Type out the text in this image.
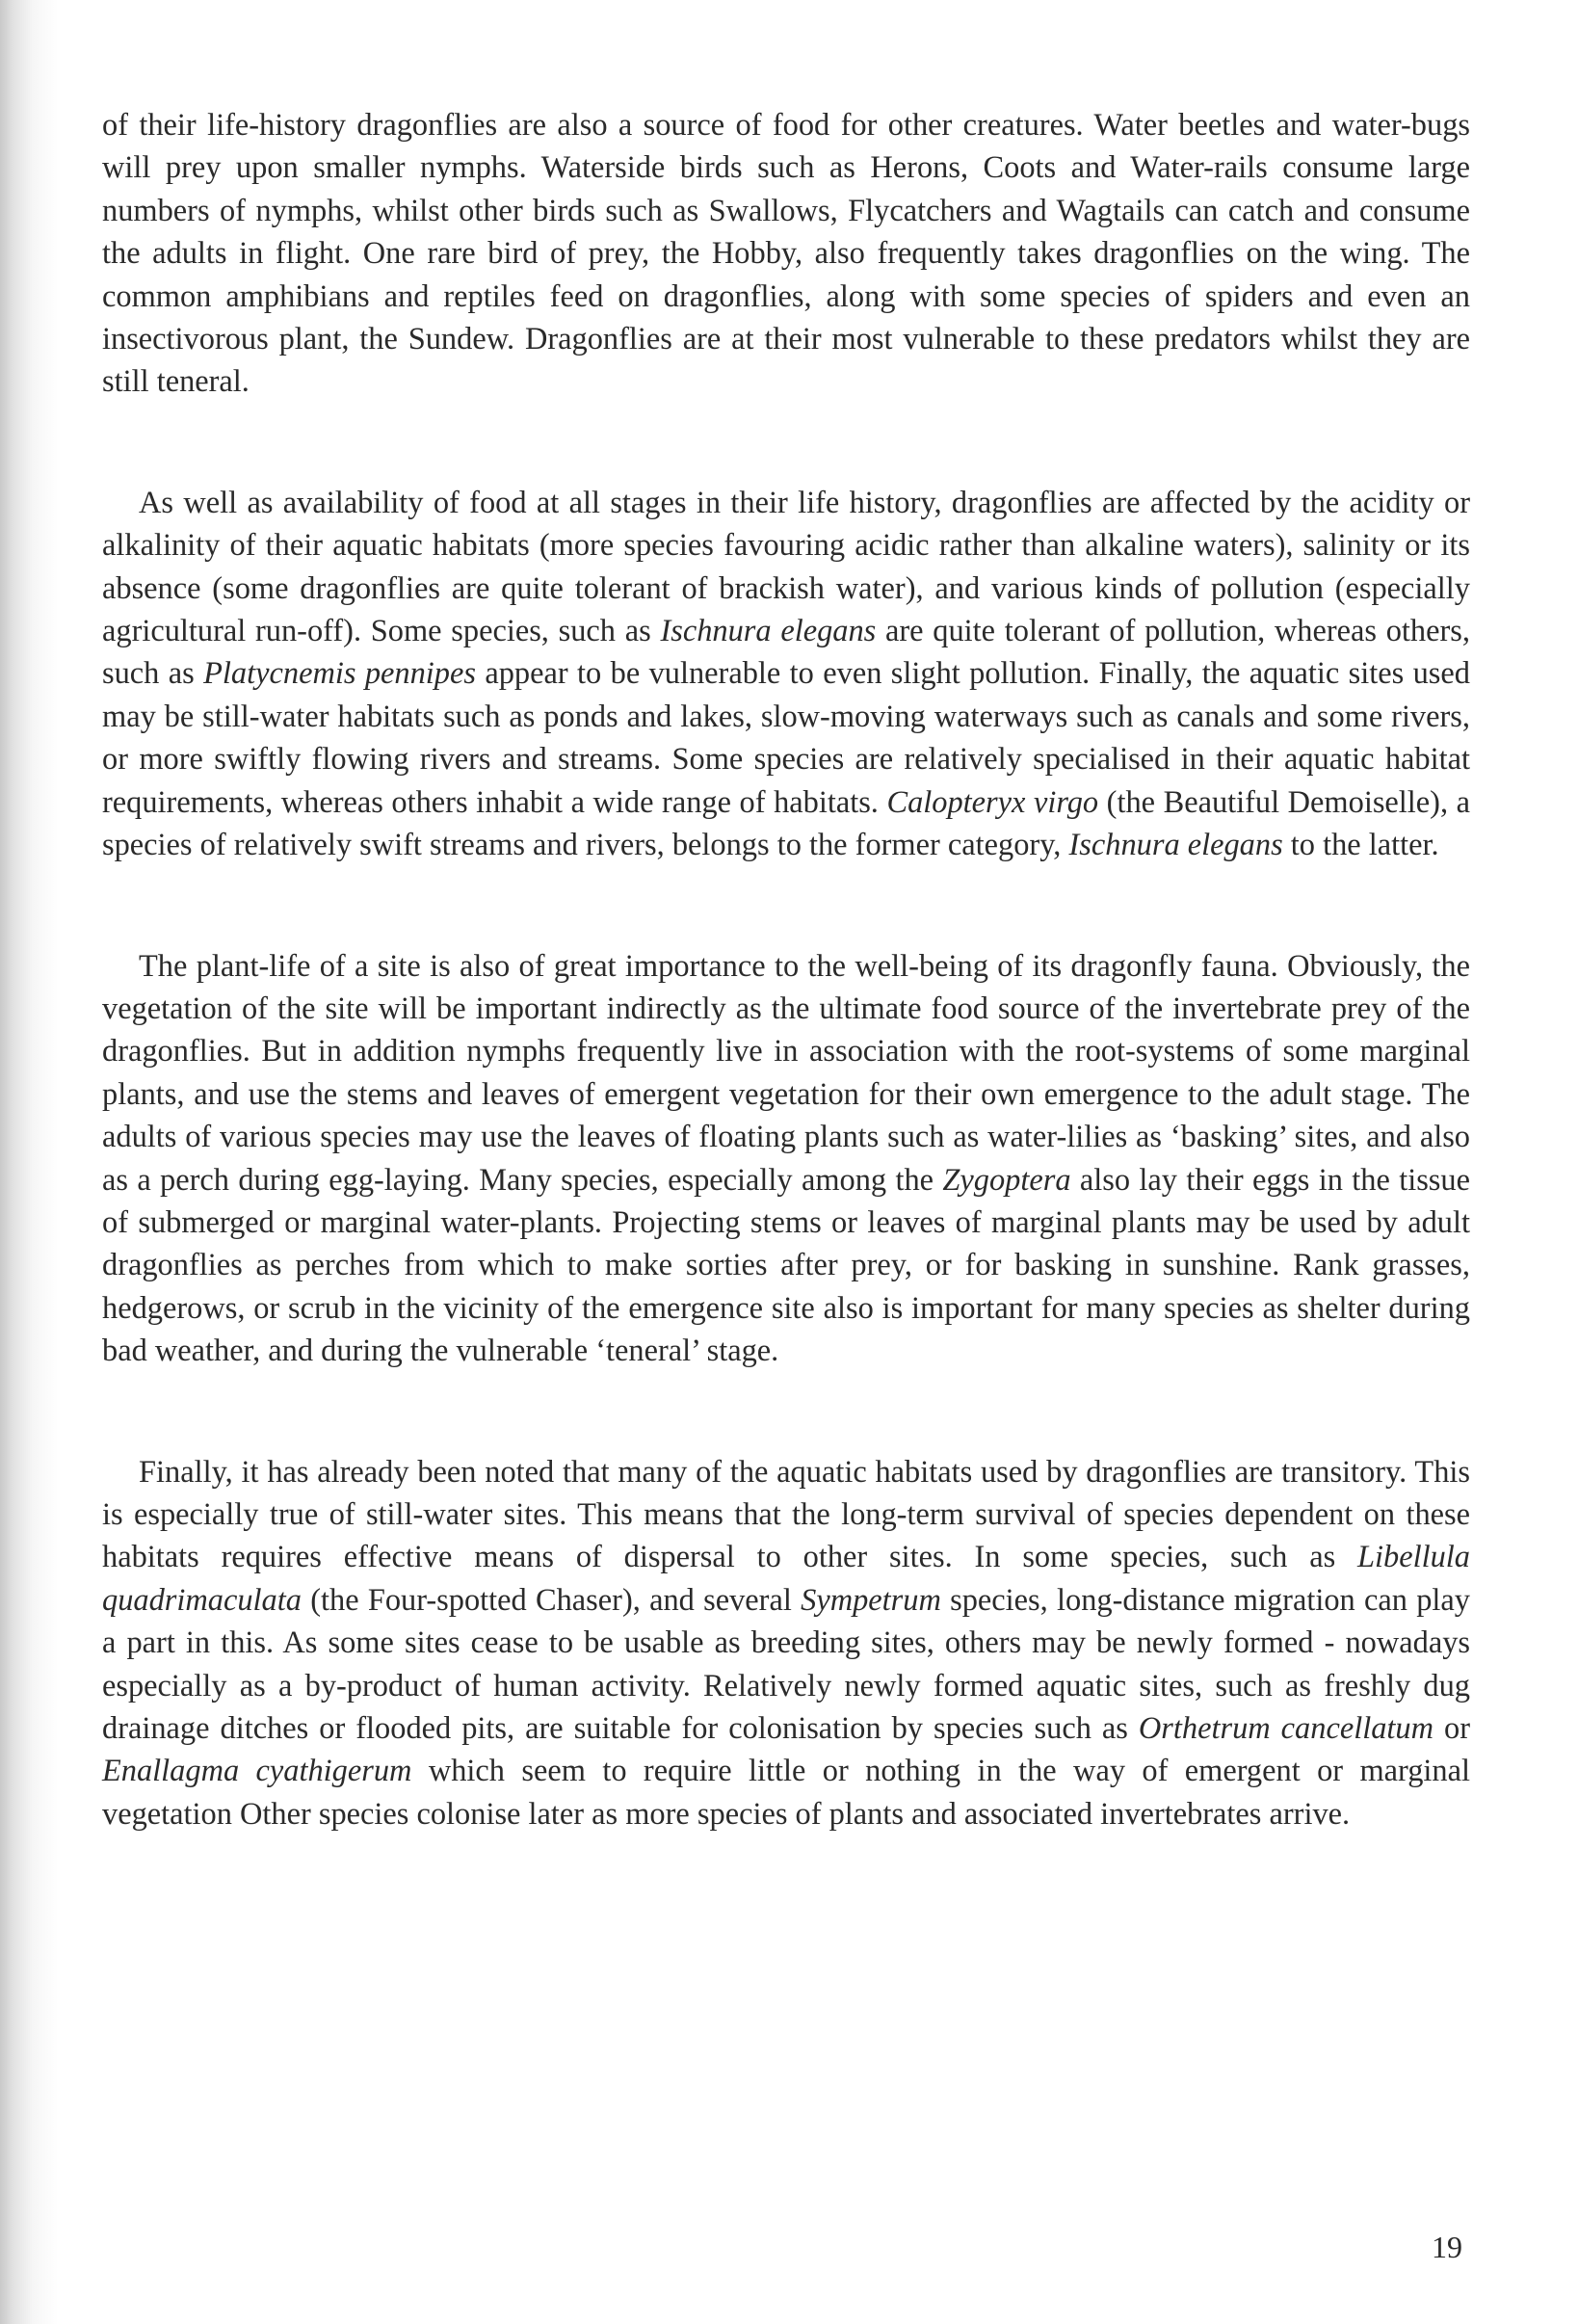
of their life-history dragonflies are also a source of food for other creatures. Water beetles and water-bugs will prey upon smaller nymphs. Waterside birds such as Herons, Coots and Water-rails consume large numbers of nymphs, whilst other birds such as Swallows, Flycatchers and Wagtails can catch and consume the adults in flight. One rare bird of prey, the Hobby, also frequently takes dragonflies on the wing. The common amphibians and reptiles feed on dragonflies, along with some species of spiders and even an insectivorous plant, the Sundew. Dragonflies are at their most vulnerable to these predators whilst they are still teneral.

As well as availability of food at all stages in their life history, dragonflies are affected by the acidity or alkalinity of their aquatic habitats (more species favouring acidic rather than alkaline waters), salinity or its absence (some dragonflies are quite tolerant of brackish water), and various kinds of pollution (especially agricultural run-off). Some species, such as Ischnura elegans are quite tolerant of pollution, whereas others, such as Platycnemis pennipes appear to be vulnerable to even slight pollution. Finally, the aquatic sites used may be still-water habitats such as ponds and lakes, slow-moving waterways such as canals and some rivers, or more swiftly flowing rivers and streams. Some species are relatively specialised in their aquatic habitat requirements, whereas others inhabit a wide range of habitats. Calopteryx virgo (the Beautiful Demoiselle), a species of relatively swift streams and rivers, belongs to the former category, Ischnura elegans to the latter.

The plant-life of a site is also of great importance to the well-being of its dragonfly fauna. Obviously, the vegetation of the site will be important indirectly as the ultimate food source of the invertebrate prey of the dragonflies. But in addition nymphs frequently live in association with the root-systems of some marginal plants, and use the stems and leaves of emergent vegetation for their own emergence to the adult stage. The adults of various species may use the leaves of floating plants such as water-lilies as ‘basking’ sites, and also as a perch during egg-laying. Many species, especially among the Zygoptera also lay their eggs in the tissue of submerged or marginal water-plants. Projecting stems or leaves of marginal plants may be used by adult dragonflies as perches from which to make sorties after prey, or for basking in sunshine. Rank grasses, hedgerows, or scrub in the vicinity of the emergence site also is important for many species as shelter during bad weather, and during the vulnerable ‘teneral’ stage.

Finally, it has already been noted that many of the aquatic habitats used by dragonflies are transitory. This is especially true of still-water sites. This means that the long-term survival of species dependent on these habitats requires effective means of dispersal to other sites. In some species, such as Libellula quadrimaculata (the Four-spotted Chaser), and several Sympetrum species, long-distance migration can play a part in this. As some sites cease to be usable as breeding sites, others may be newly formed - nowadays especially as a by-product of human activity. Relatively newly formed aquatic sites, such as freshly dug drainage ditches or flooded pits, are suitable for colonisation by species such as Orthetrum cancellatum or Enallagma cyathigerum which seem to require little or nothing in the way of emergent or marginal vegetation Other species colonise later as more species of plants and associated invertebrates arrive.

19
